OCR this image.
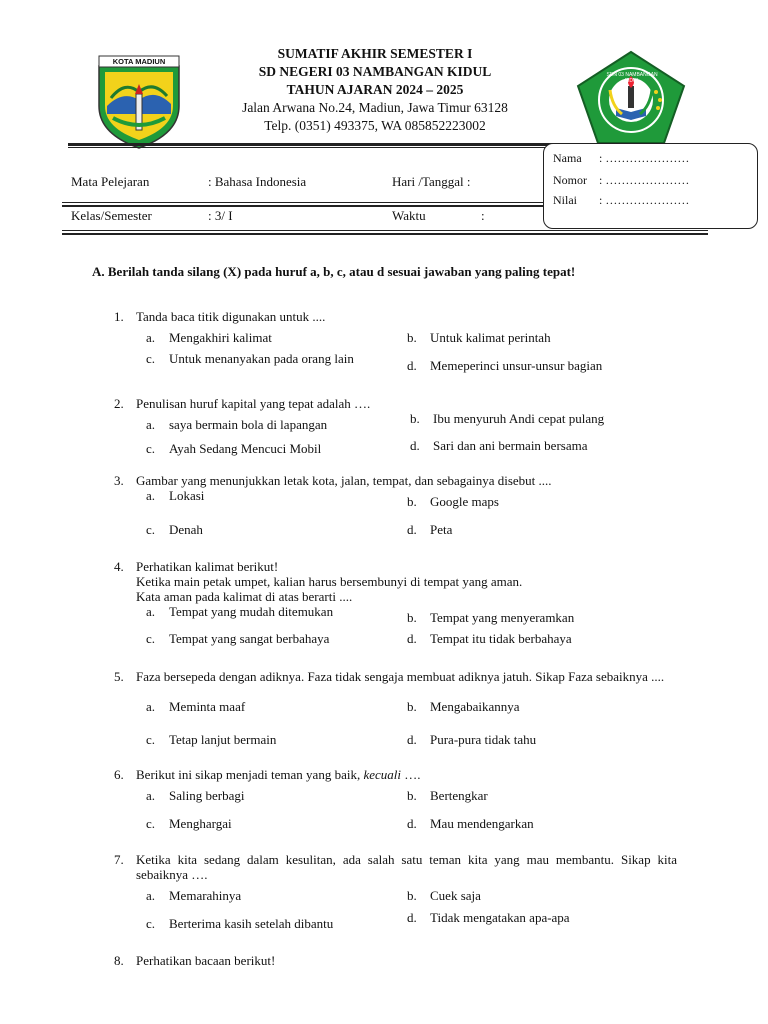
KOTA MADIUN
SDN 03 NAMBANGAN KIDUL
SUMATIF AKHIR SEMESTER I
SD NEGERI 03 NAMBANGAN KIDUL
TAHUN AJARAN 2024 – 2025
Jalan Arwana No.24, Madiun, Jawa Timur 63128
Telp. (0351) 493375, WA 085852223002
Mata Pelejaran	: Bahasa Indonesia	Hari /Tanggal :
Kelas/Semester	: 3/ I	Waktu	:
Nama : …………………
Nomor : …………………
Nilai : …………………
A. Berilah tanda silang (X) pada huruf a, b, c, atau d sesuai jawaban yang paling tepat!
1. Tanda baca titik digunakan untuk ....
a. Mengakhiri kalimat	b. Untuk kalimat perintah
c. Untuk menanyakan pada orang lain	d. Memeperinci unsur-unsur bagian
2. Penulisan huruf kapital yang tepat adalah ….
a. saya bermain bola di lapangan	b. Ibu menyuruh Andi cepat pulang
c. Ayah Sedang Mencuci Mobil	d. Sari dan ani bermain bersama
3. Gambar yang menunjukkan letak kota, jalan, tempat, dan sebagainya disebut ....
a. Lokasi	b. Google maps
c. Denah	d. Peta
4. Perhatikan kalimat berikut!
Ketika main petak umpet, kalian harus bersembunyi di tempat yang aman.
Kata aman pada kalimat di atas berarti ....
a. Tempat yang mudah ditemukan	b. Tempat yang menyeramkan
c. Tempat yang sangat berbahaya	d. Tempat itu tidak berbahaya
5. Faza bersepeda dengan adiknya. Faza tidak sengaja membuat adiknya jatuh. Sikap Faza sebaiknya ....
a. Meminta maaf	b. Mengabaikannya
c. Tetap lanjut bermain	d. Pura-pura tidak tahu
6. Berikut ini sikap menjadi teman yang baik, kecuali ….
a. Saling berbagi	b. Bertengkar
c. Menghargai	d. Mau mendengarkan
7. Ketika kita sedang dalam kesulitan, ada salah satu teman kita yang mau membantu. Sikap kita sebaiknya ….
a. Memarahinya	b. Cuek saja
c. Berterima kasih setelah dibantu	d. Tidak mengatakan apa-apa
8. Perhatikan bacaan berikut!
